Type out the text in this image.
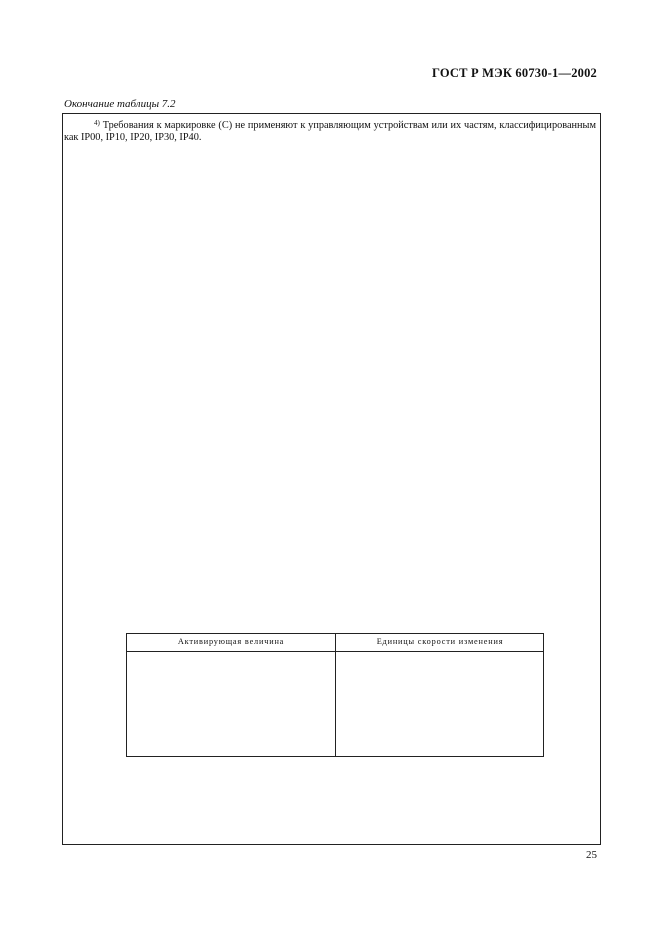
ГОСТ Р МЭК 60730-1—2002
Окончание таблицы 7.2

$^{4)}$ Требования к маркировке (С) не применяют к управляющим устройствам или их частям, классифицированным как IP00, IP10, IP20, IP30, IP40.

Активирующая величина	Единицы скорости изменения
25
